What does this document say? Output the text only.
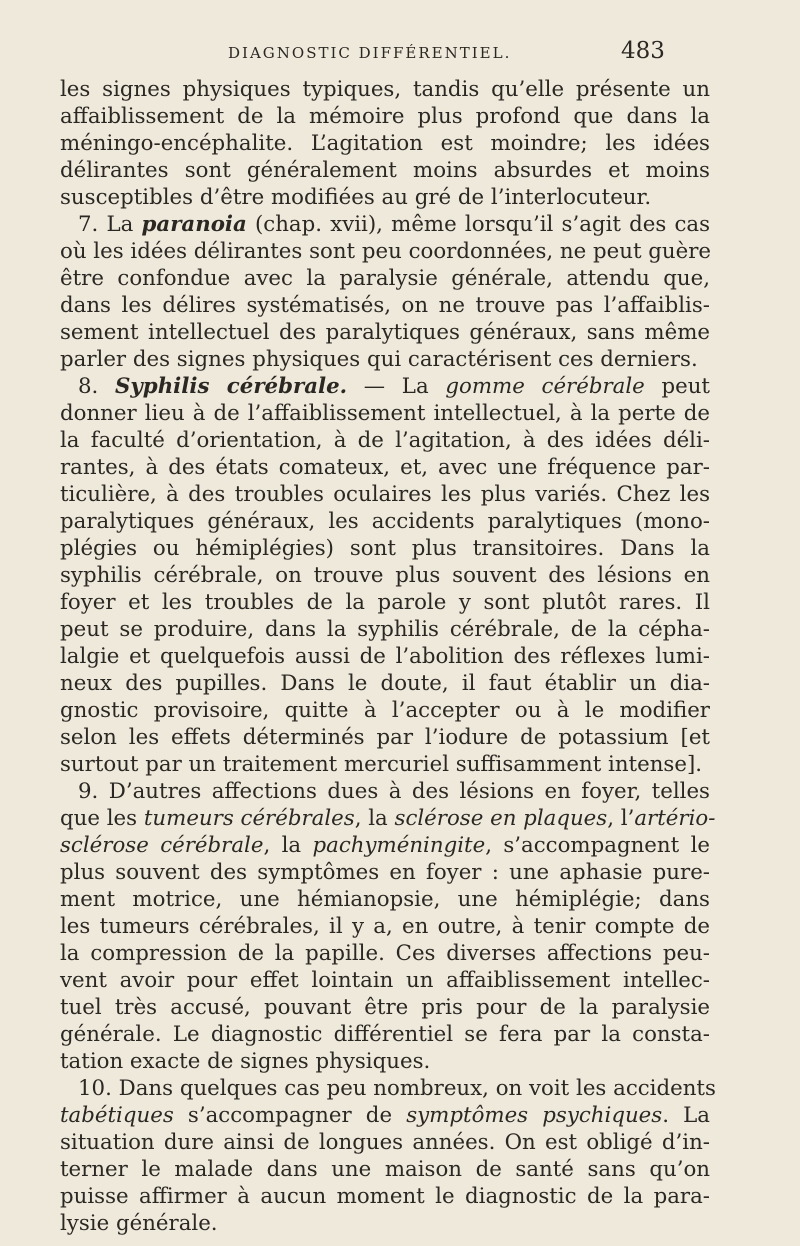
DIAGNOSTIC DIFFÉRENTIEL.	483
les signes physiques typiques, tandis qu’elle présente un
affaiblissement de la mémoire plus profond que dans la
méningo-encéphalite. L’agitation est moindre; les idées
délirantes sont généralement moins absurdes et moins
susceptibles d’être modifiées au gré de l’interlocuteur.
7. La paranoia (chap. xvii), même lorsqu’il s’agit des cas
où les idées délirantes sont peu coordonnées, ne peut guère
être confondue avec la paralysie générale, attendu que,
dans les délires systématisés, on ne trouve pas l’affaiblis-
sement intellectuel des paralytiques généraux, sans même
parler des signes physiques qui caractérisent ces derniers.
8. Syphilis cérébrale. — La gomme cérébrale peut
donner lieu à de l’affaiblissement intellectuel, à la perte de
la faculté d’orientation, à de l’agitation, à des idées déli-
rantes, à des états comateux, et, avec une fréquence par-
ticulière, à des troubles oculaires les plus variés. Chez les
paralytiques généraux, les accidents paralytiques (mono-
plégies ou hémiplégies) sont plus transitoires. Dans la
syphilis cérébrale, on trouve plus souvent des lésions en
foyer et les troubles de la parole y sont plutôt rares. Il
peut se produire, dans la syphilis cérébrale, de la cépha-
lalgie et quelquefois aussi de l’abolition des réflexes lumi-
neux des pupilles. Dans le doute, il faut établir un dia-
gnostic provisoire, quitte à l’accepter ou à le modifier
selon les effets déterminés par l’iodure de potassium [et
surtout par un traitement mercuriel suffisamment intense].
9. D’autres affections dues à des lésions en foyer, telles
que les tumeurs cérébrales, la sclérose en plaques, l’artério-
sclérose cérébrale, la pachyméningite, s’accompagnent le
plus souvent des symptômes en foyer : une aphasie pure-
ment motrice, une hémianopsie, une hémiplégie; dans
les tumeurs cérébrales, il y a, en outre, à tenir compte de
la compression de la papille. Ces diverses affections peu-
vent avoir pour effet lointain un affaiblissement intellec-
tuel très accusé, pouvant être pris pour de la paralysie
générale. Le diagnostic différentiel se fera par la consta-
tation exacte de signes physiques.
10. Dans quelques cas peu nombreux, on voit les accidents
tabétiques s’accompagner de symptômes psychiques. La
situation dure ainsi de longues années. On est obligé d’in-
terner le malade dans une maison de santé sans qu’on
puisse affirmer à aucun moment le diagnostic de la para-
lysie générale.
